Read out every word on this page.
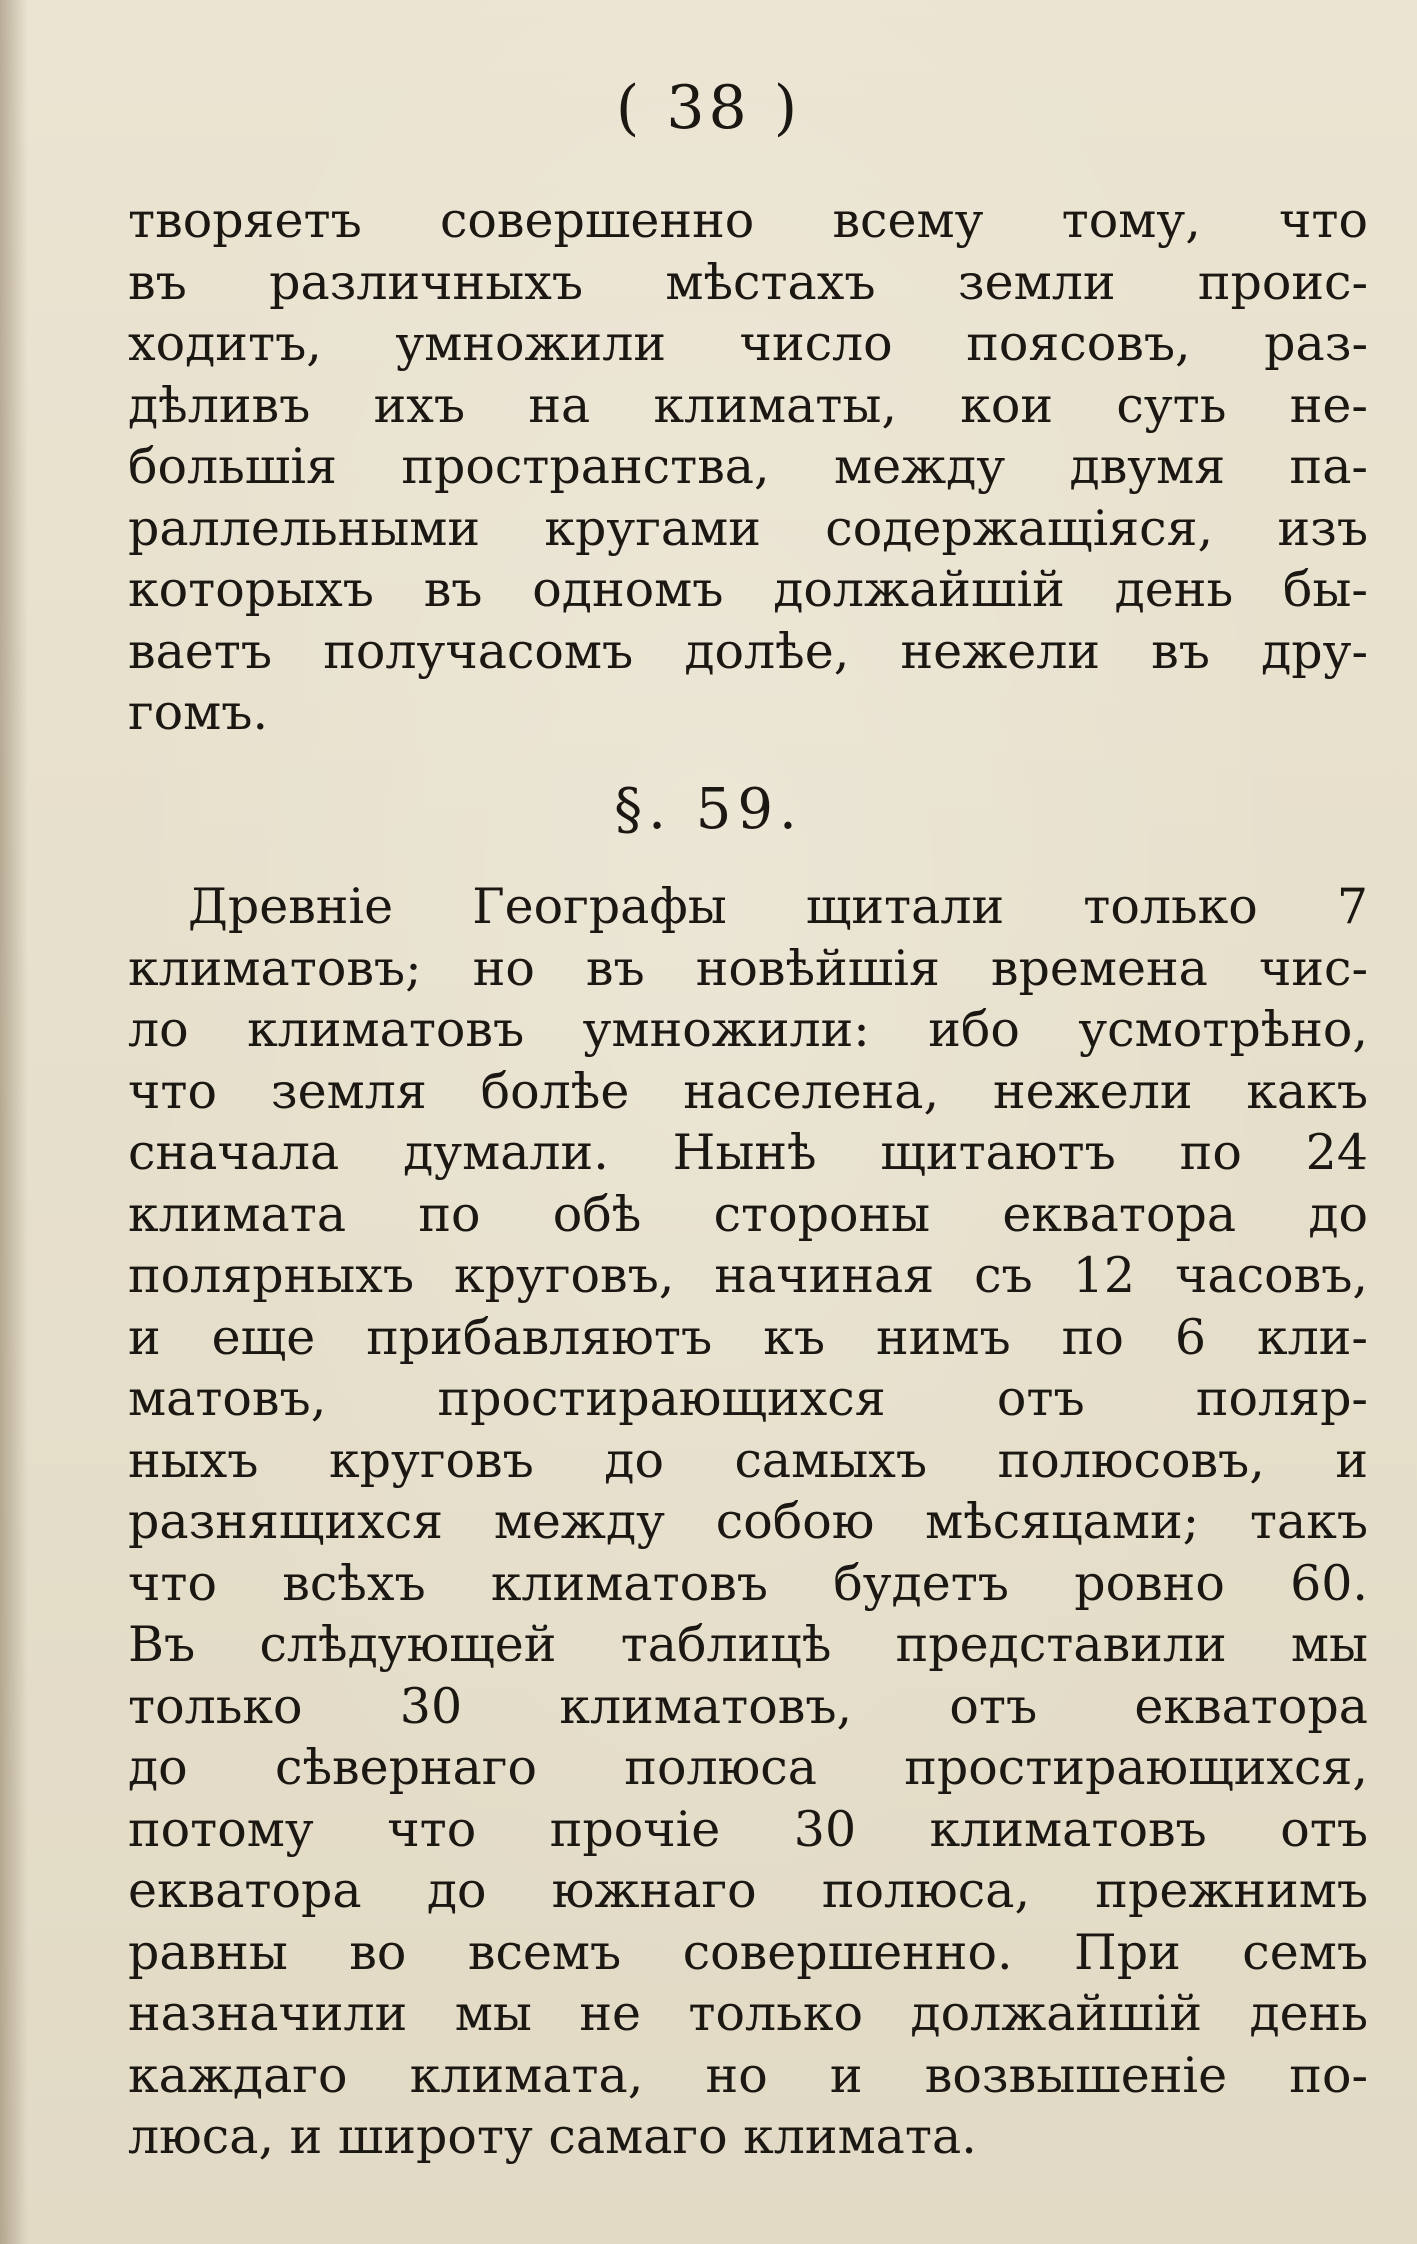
( 38 )
творяетъ совершенно всему тому, что
въ различныхъ мѣстахъ земли проис-
ходитъ, умножили число поясовъ, раз-
дѣливъ ихъ на климаты, кои суть не-
большія пространства, между двумя па-
раллельными кругами содержащіяся, изъ
которыхъ въ одномъ должайшій день бы-
ваетъ получасомъ долѣе, нежели въ дру-
гомъ.
§. 59.
Древніе Географы щитали только 7
климатовъ; но въ новѣйшія времена чис-
ло климатовъ умножили: ибо усмотрѣно,
что земля болѣе населена, нежели какъ
сначала думали. Нынѣ щитаютъ по 24
климата по обѣ стороны екватора до
полярныхъ круговъ, начиная съ 12 часовъ,
и еще прибавляютъ къ нимъ по 6 кли-
матовъ, простирающихся отъ поляр-
ныхъ круговъ до самыхъ полюсовъ, и
разнящихся между собою мѣсяцами; такъ
что всѣхъ климатовъ будетъ ровно 60.
Въ слѣдующей таблицѣ представили мы
только 30 климатовъ, отъ екватора
до сѣвернаго полюса простирающихся,
потому что прочіе 30 климатовъ отъ
екватора до южнаго полюса, прежнимъ
равны во всемъ совершенно. При семъ
назначили мы не только должайшій день
каждаго климата, но и возвышеніе по-
люса, и широту самаго климата.
